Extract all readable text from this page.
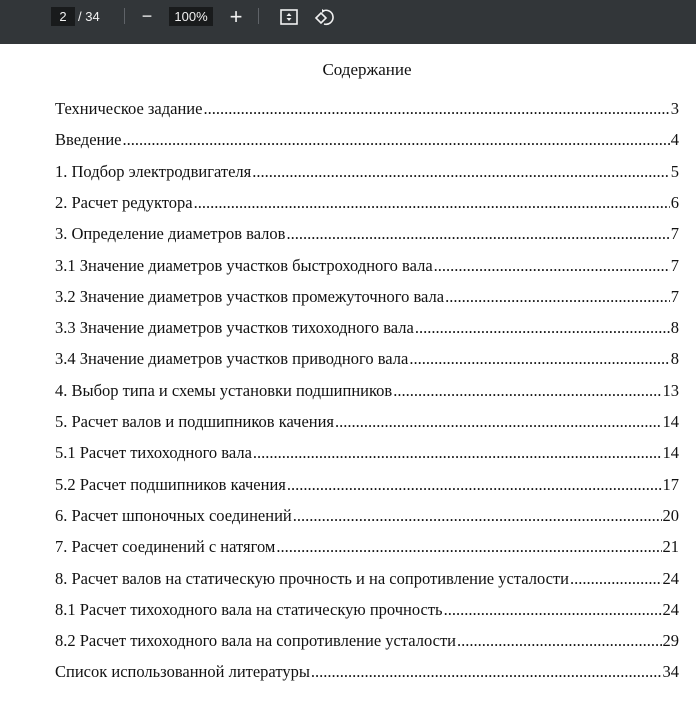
2 / 34 −	100% +
Содержание
Техническое задание .....	3
Введение .....	4
1. Подбор электродвигателя .....	5
2. Расчет редуктора .....	6
3. Определение диаметров валов .....	7
3.1 Значение диаметров участков быстроходного вала .....	7
3.2 Значение диаметров участков промежуточного вала .....	7
3.3 Значение диаметров участков тихоходного вала .....	8
3.4 Значение диаметров участков приводного вала .....	8
4. Выбор типа и схемы установки подшипников .....	13
5. Расчет валов и подшипников качения .....	14
5.1 Расчет тихоходного вала .....	14
5.2 Расчет подшипников качения .....	17
6. Расчет шпоночных соединений .....	20
7. Расчет соединений с натягом .....	21
8. Расчет валов на статическую прочность и на сопротивление усталости .....	24
8.1 Расчет тихоходного вала на статическую прочность .....	24
8.2 Расчет тихоходного вала на сопротивление усталости .....	29
Список использованной литературы .....	34
